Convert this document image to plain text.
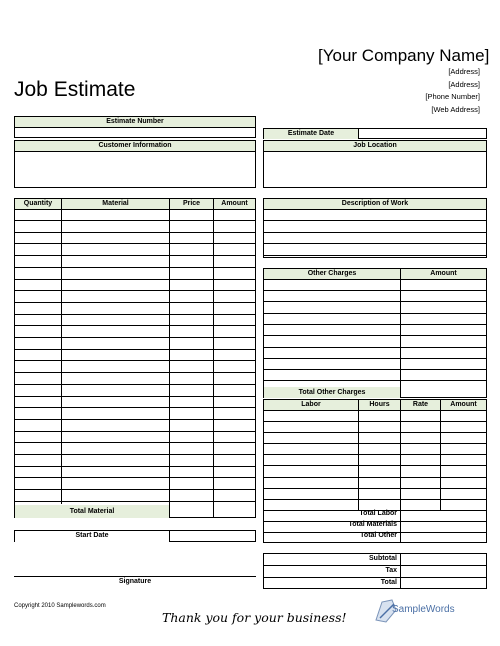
[Your Company Name]
[Address]
[Address]
[Phone Number]
[Web Address]
Job Estimate
Estimate Number
Customer Information
Estimate Date
Job Location
Quantity	Material	Price	Amount
Total Material
Description of Work
Other Charges	Amount
Total Other Charges
Labor	Hours	Rate	Amount
Total Labor
Total Materials
Total Other
Start Date
Signature
Subtotal
Tax
Total
Copyright 2010 Samplewords.com
Thank you for your business!
SampleWords
